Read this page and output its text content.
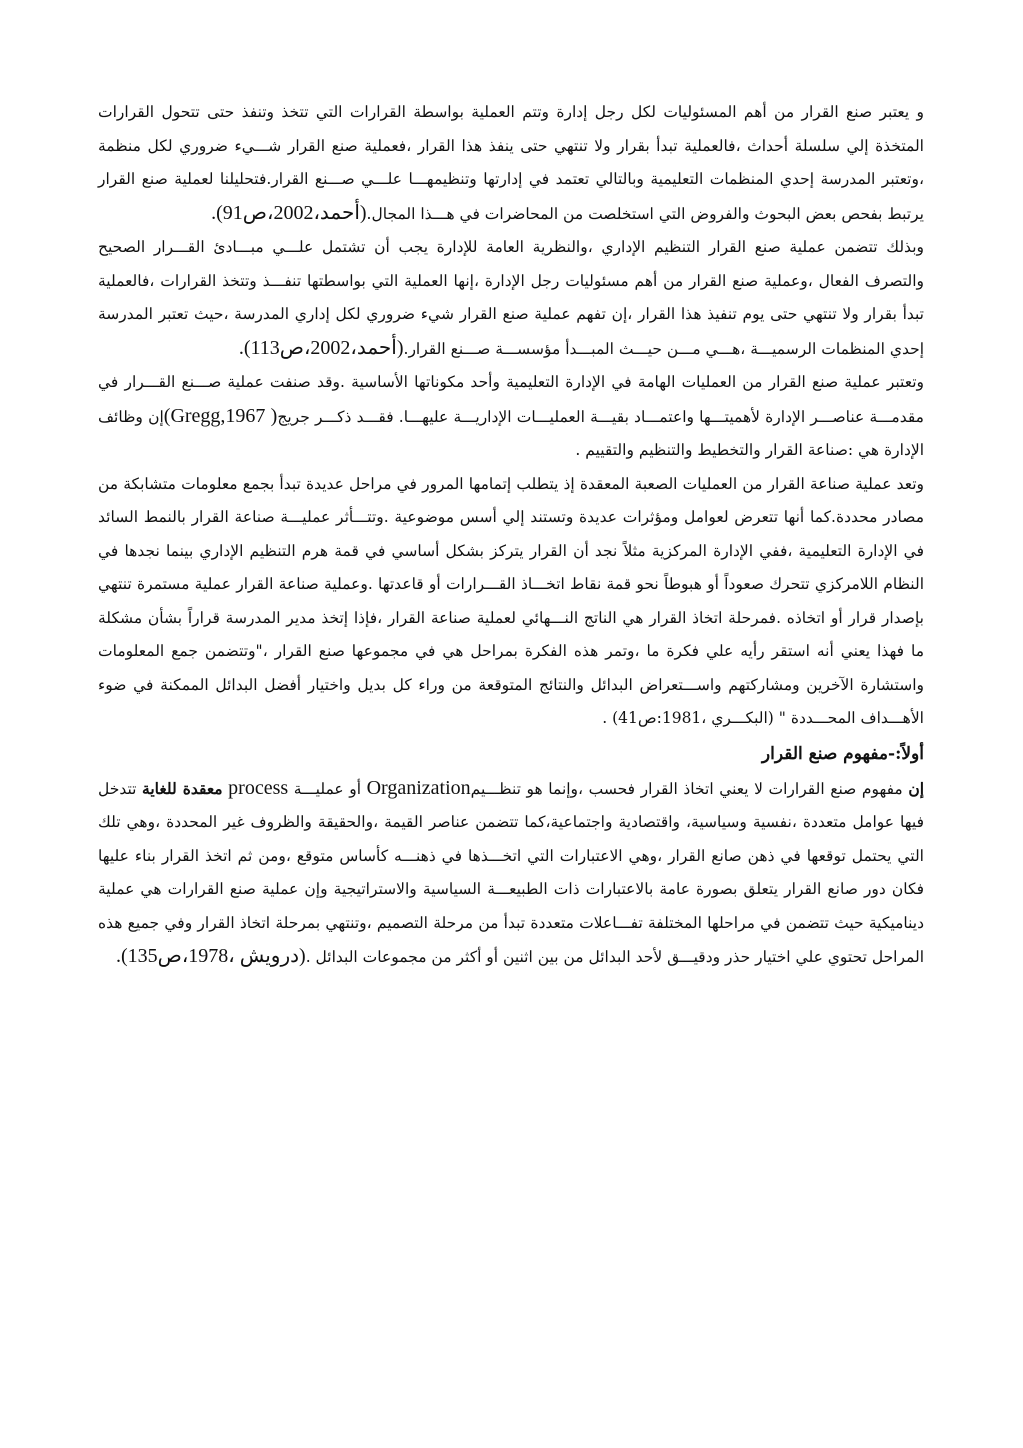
و يعتبر صنع القرار من أهم المسئوليات لكل رجل إدارة وتتم العملية بواسطة القرارات التي تتخذ وتنفذ حتى تتحول القرارات المتخذة إلي سلسلة أحداث ،فالعملية تبدأ بقرار ولا تنتهي حتى ينفذ هذا القرار ،فعملية صنع القرار شـــيء ضروري لكل منظمة ،وتعتبر المدرسة إحدي المنظمات التعليمية وبالتالي تعتمد في إدارتها وتنظيمهـــا علـــي صـــنع القرار.فتحليلنا لعملية صنع القرار يرتبط بفحص بعض البحوث والفروض التي استخلصت من المحاضرات في هـــذا المجال.(أحمد،2002،ص91).

وبذلك تتضمن عملية صنع القرار التنظيم الإداري ،والنظرية العامة للإدارة يجب أن تشتمل علـــي مبـــادئ القـــرار الصحيح والتصرف الفعال ،وعملية صنع القرار من أهم مسئوليات رجل الإدارة ،إنها العملية التي بواسطتها تنفـــذ وتتخذ القرارات ،فالعملية تبدأ بقرار ولا تنتهي حتى يوم تنفيذ هذا القرار ،إن تفهم عملية صنع القرار شيء ضروري لكل إداري المدرسة ،حيث تعتبر المدرسة إحدي المنظمات الرسميـــة ،هـــي مـــن حيـــث المبـــدأ مؤسســـة صـــنع القرار.(أحمد،2002،ص113).

وتعتبر عملية صنع القرار من العمليات الهامة في الإدارة التعليمية وأحد مكوناتها الأساسية .وقد صنفت عملية صـــنع القـــرار في مقدمـــة عناصـــر الإدارة لأهميتـــها واعتمـــاد بقيـــة العمليـــات الإداريـــة عليهـــا. فقـــد ذكـــر جريج(Gregg,1967 )إن وظائف الإدارة هي :صناعة القرار والتخطيط والتنظيم والتقييم .

وتعد عملية صناعة القرار من العمليات الصعبة المعقدة إذ يتطلب إتمامها المرور في مراحل عديدة تبدأ بجمع معلومات متشابكة من مصادر محددة.كما أنها تتعرض لعوامل ومؤثرات عديدة وتستند إلي أسس موضوعية .وتتـــأثر عمليـــة صناعة القرار بالنمط السائد في الإدارة التعليمية ،ففي الإدارة المركزية مثلاً نجد أن القرار يتركز بشكل أساسي في قمة هرم التنظيم الإداري بينما نجدها في النظام اللامركزي تتحرك صعوداً أو هبوطاً نحو قمة نقاط اتخـــاذ القـــرارات أو قاعدتها .وعملية صناعة القرار عملية مستمرة تنتهي بإصدار قرار أو اتخاذه .فمرحلة اتخاذ القرار هي الناتج النـــهائي لعملية صناعة القرار ،فإذا إتخذ مدير المدرسة قراراً بشأن مشكلة ما فهذا يعني أنه استقر رأيه علي فكرة ما ،وتمر هذه الفكرة بمراحل هي في مجموعها صنع القرار ،"وتتضمن جمع المعلومات واستشارة الآخرين ومشاركتهم واســـتعراض البدائل والنتائج المتوقعة من وراء كل بديل واختيار أفضل البدائل الممكنة في ضوء الأهـــداف المحـــددة " (البكـــري ،1981:ص41) .

أولاً:-مفهوم صنع القرار

إن مفهوم صنع القرارات لا يعني اتخاذ القرار فحسب ،وإنما هو تنظـــيمOrganization أو عمليـــة process معقدة للغاية تتدخل فيها عوامل متعددة ،نفسية وسياسية، واقتصادية واجتماعية،كما تتضمن عناصر القيمة ،والحقيقة والظروف غير المحددة ،وهي تلك التي يحتمل توقعها في ذهن صانع القرار ،وهي الاعتبارات التي اتخـــذها في ذهنـــه كأساس متوقع ،ومن ثم اتخذ القرار بناء عليها فكان دور صانع القرار يتعلق بصورة عامة بالاعتبارات ذات الطبيعـــة السياسية والاستراتيجية وإن عملية صنع القرارات هي عملية ديناميكية حيث تتضمن في مراحلها المختلفة تفـــاعلات متعددة تبدأ من مرحلة التصميم ،وتنتهي بمرحلة اتخاذ القرار وفي جميع هذه المراحل تحتوي علي اختيار حذر ودقيـــق لأحد البدائل من بين اثنين أو أكثر من مجموعات البدائل .(درويش ،1978،ص135).
